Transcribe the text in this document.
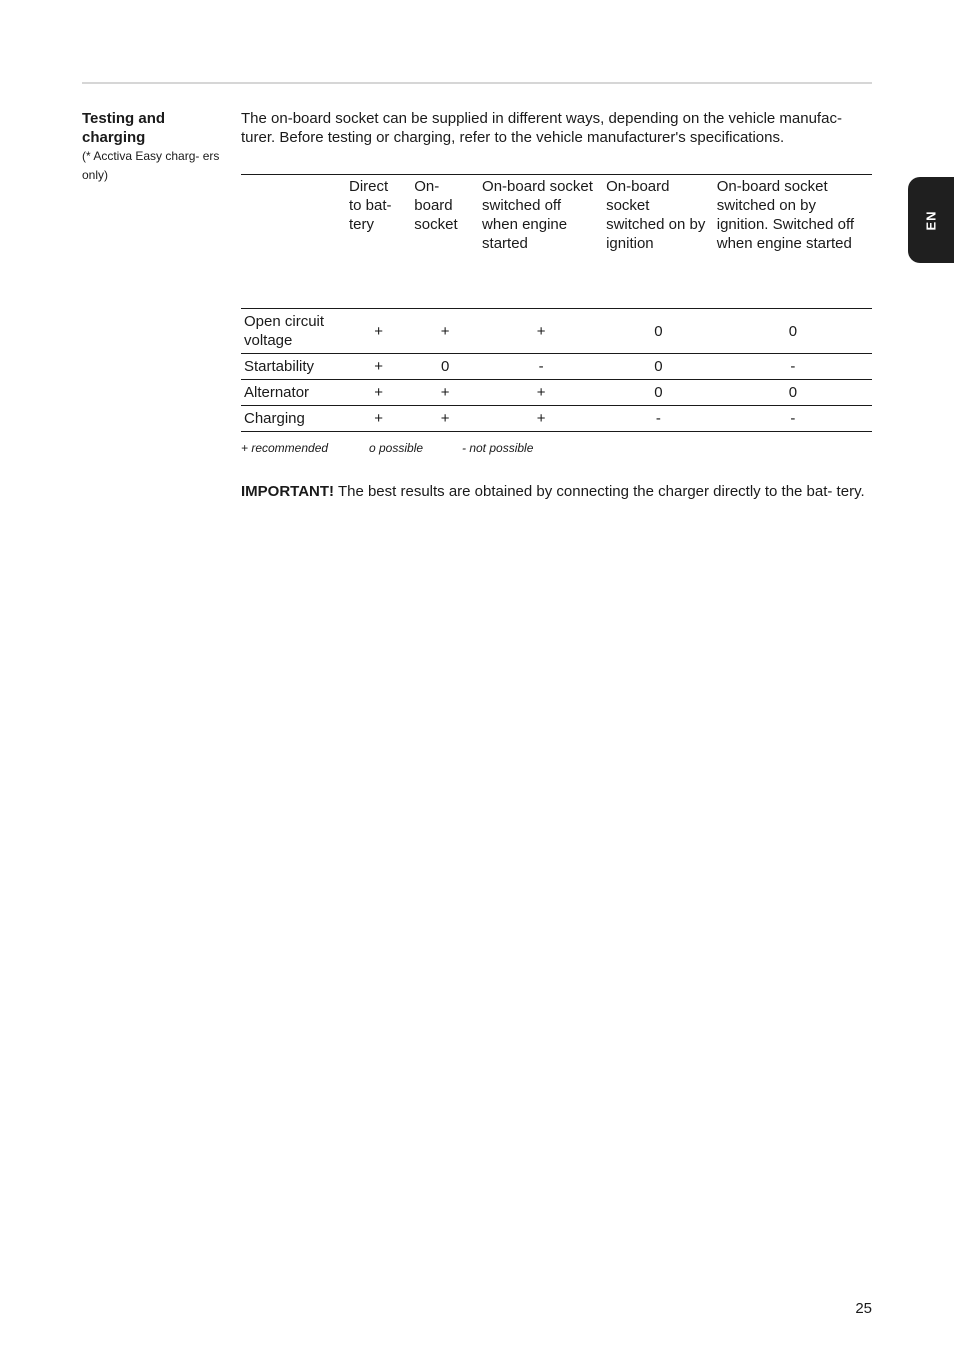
Testing and charging

(* Acctiva Easy charg- ers only)

EN

The on-board socket can be supplied in different ways, depending on the vehicle manufac- turer. Before testing or charging, refer to the vehicle manufacturer's specifications.

	Direct to bat- tery	On-board socket	On-board socket switched off when engine started	On-board socket switched on by ignition	On-board socket switched on by ignition. Switched off when engine started
Open circuit voltage	+	+	+	0	0
Startability	+	0	-	0	-
Alternator	+	+	+	0	0
Charging	+	+	+	-	-
+ recommended	o possible	- not possible

IMPORTANT! The best results are obtained by connecting the charger directly to the bat- tery.

25
